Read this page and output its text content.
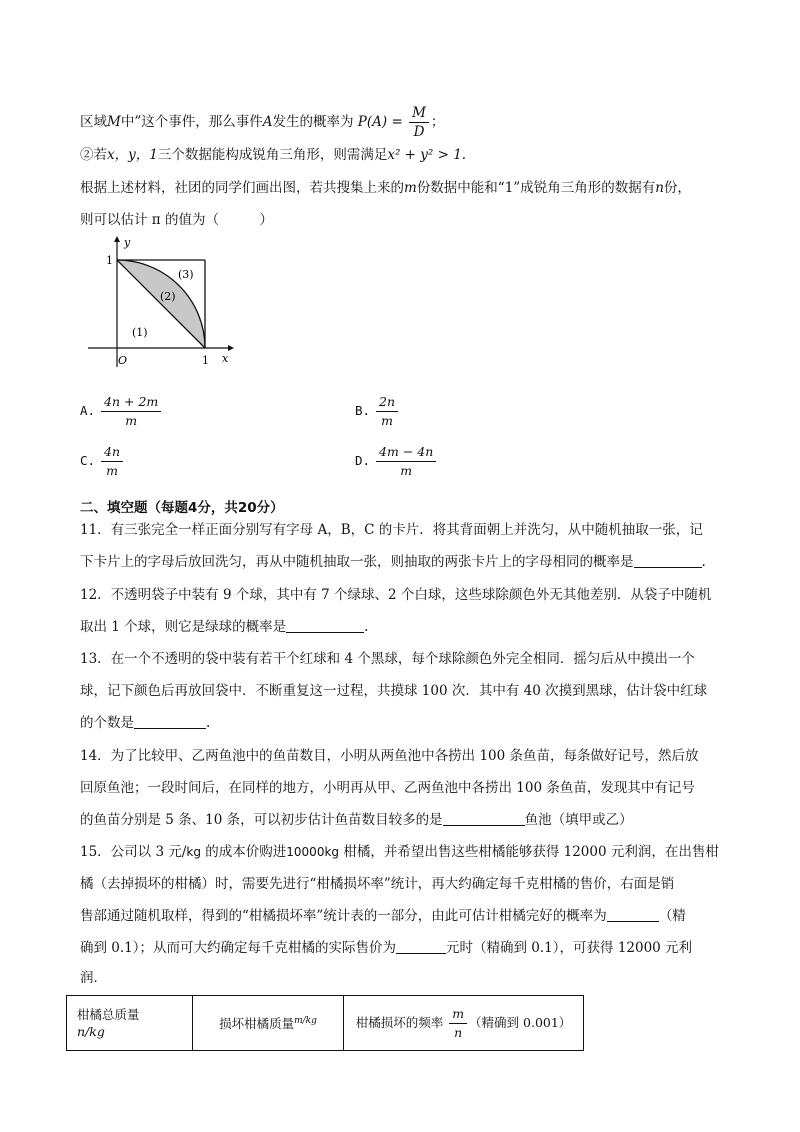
区域M中”这个事件，那么事件A发生的概率为 $P(A) = \frac{M}{D}$ ；
②若x，y，1三个数据能构成锐角三角形，则需满足x² + y² > 1.
根据上述材料，社团的同学们画出图，若共搜集上来的m份数据中能和“1”成锐角三角形的数据有n份，
则可以估计 π 的值为（　　　）
y
x
O
1
1
(1)
(2)
(3)
A. $\frac{4n + 2m}{m}$	B. $\frac{2n}{m}$
C. $\frac{4n}{m}$	D. $\frac{4m - 4n}{m}$
二、填空题（每题4分，共20分）
11．有三张完全一样正面分别写有字母 A，B，C 的卡片．将其背面朝上并洗匀，从中随机抽取一张，记
下卡片上的字母后放回洗匀，再从中随机抽取一张，则抽取的两张卡片上的字母相同的概率是	.
12．不透明袋子中装有 9 个球，其中有 7 个绿球、2 个白球，这些球除颜色外无其他差别．从袋子中随机
取出 1 个球，则它是绿球的概率是	.
13．在一个不透明的袋中装有若干个红球和 4 个黑球，每个球除颜色外完全相同．摇匀后从中摸出一个
球，记下颜色后再放回袋中．不断重复这一过程，共摸球 100 次．其中有 40 次摸到黑球，估计袋中红球
的个数是	.
14．为了比较甲、乙两鱼池中的鱼苗数目，小明从两鱼池中各捞出 100 条鱼苗，每条做好记号，然后放
回原鱼池；一段时间后，在同样的地方，小明再从甲、乙两鱼池中各捞出 100 条鱼苗，发现其中有记号
的鱼苗分别是 5 条、10 条，可以初步估计鱼苗数目较多的是	鱼池（填甲或乙）
15．公司以 3 元/kg 的成本价购进10000kg 柑橘，并希望出售这些柑橘能够获得 12000 元利润，在出售柑
橘（去掉损坏的柑橘）时，需要先进行“柑橘损坏率”统计，再大约确定每千克柑橘的售价，右面是销
售部通过随机取样，得到的“柑橘损坏率”统计表的一部分，由此可估计柑橘完好的概率为	（精
确到 0.1）；从而可大约确定每千克柑橘的实际售价为	元时（精确到 0.1），可获得 12000 元利
润．
柑橘总质量
n/kg
	损坏柑橘质量$^{m/kg}$	柑橘损坏的频率 $\frac{m}{n}$ （精确到 0.001）
